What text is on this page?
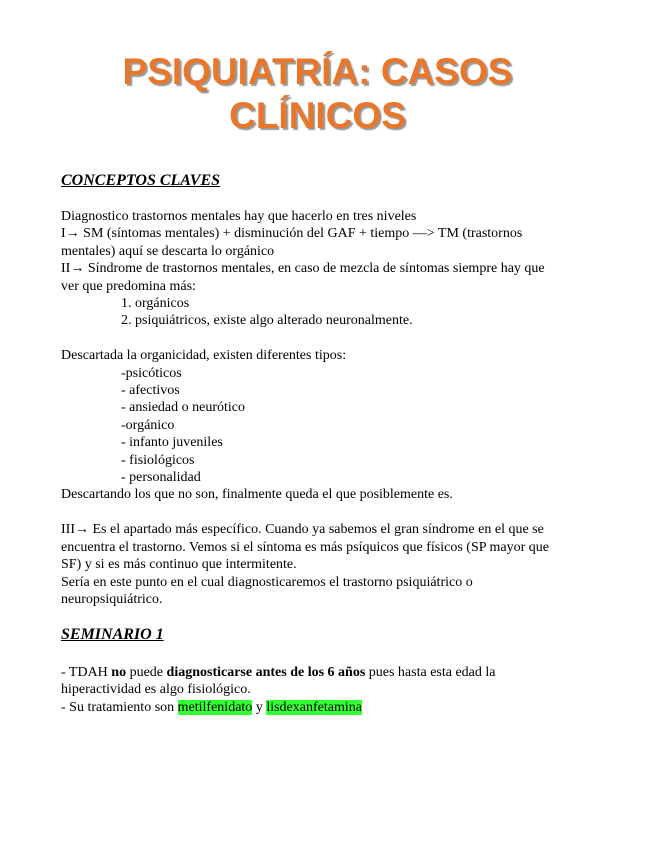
PSIQUIATRÍA: CASOS
CLÍNICOS
CONCEPTOS CLAVES
Diagnostico trastornos mentales hay que hacerlo en tres niveles
I→ SM (síntomas mentales) + disminución del GAF + tiempo —> TM (trastornos
mentales) aquí se descarta lo orgánico
II→ Síndrome de trastornos mentales, en caso de mezcla de síntomas siempre hay que
ver que predomina más:
1. orgánicos
2. psiquiátricos, existe algo alterado neuronalmente.
Descartada la organicidad, existen diferentes tipos:
-psicóticos
- afectivos
- ansiedad o neurótico
-orgánico
- infanto juveniles
- fisiológicos
- personalidad
Descartando los que no son, finalmente queda el que posiblemente es.
III→ Es el apartado más específico. Cuando ya sabemos el gran síndrome en el que se
encuentra el trastorno. Vemos si el síntoma es más psíquicos que físicos (SP mayor que
SF) y si es más continuo que intermitente.
Sería en este punto en el cual diagnosticaremos el trastorno psiquiátrico o
neuropsiquiátrico.
SEMINARIO 1
- TDAH no puede diagnosticarse antes de los 6 años pues hasta esta edad la
hiperactividad es algo fisiológico.
- Su tratamiento son metilfenidato y lisdexanfetamina
